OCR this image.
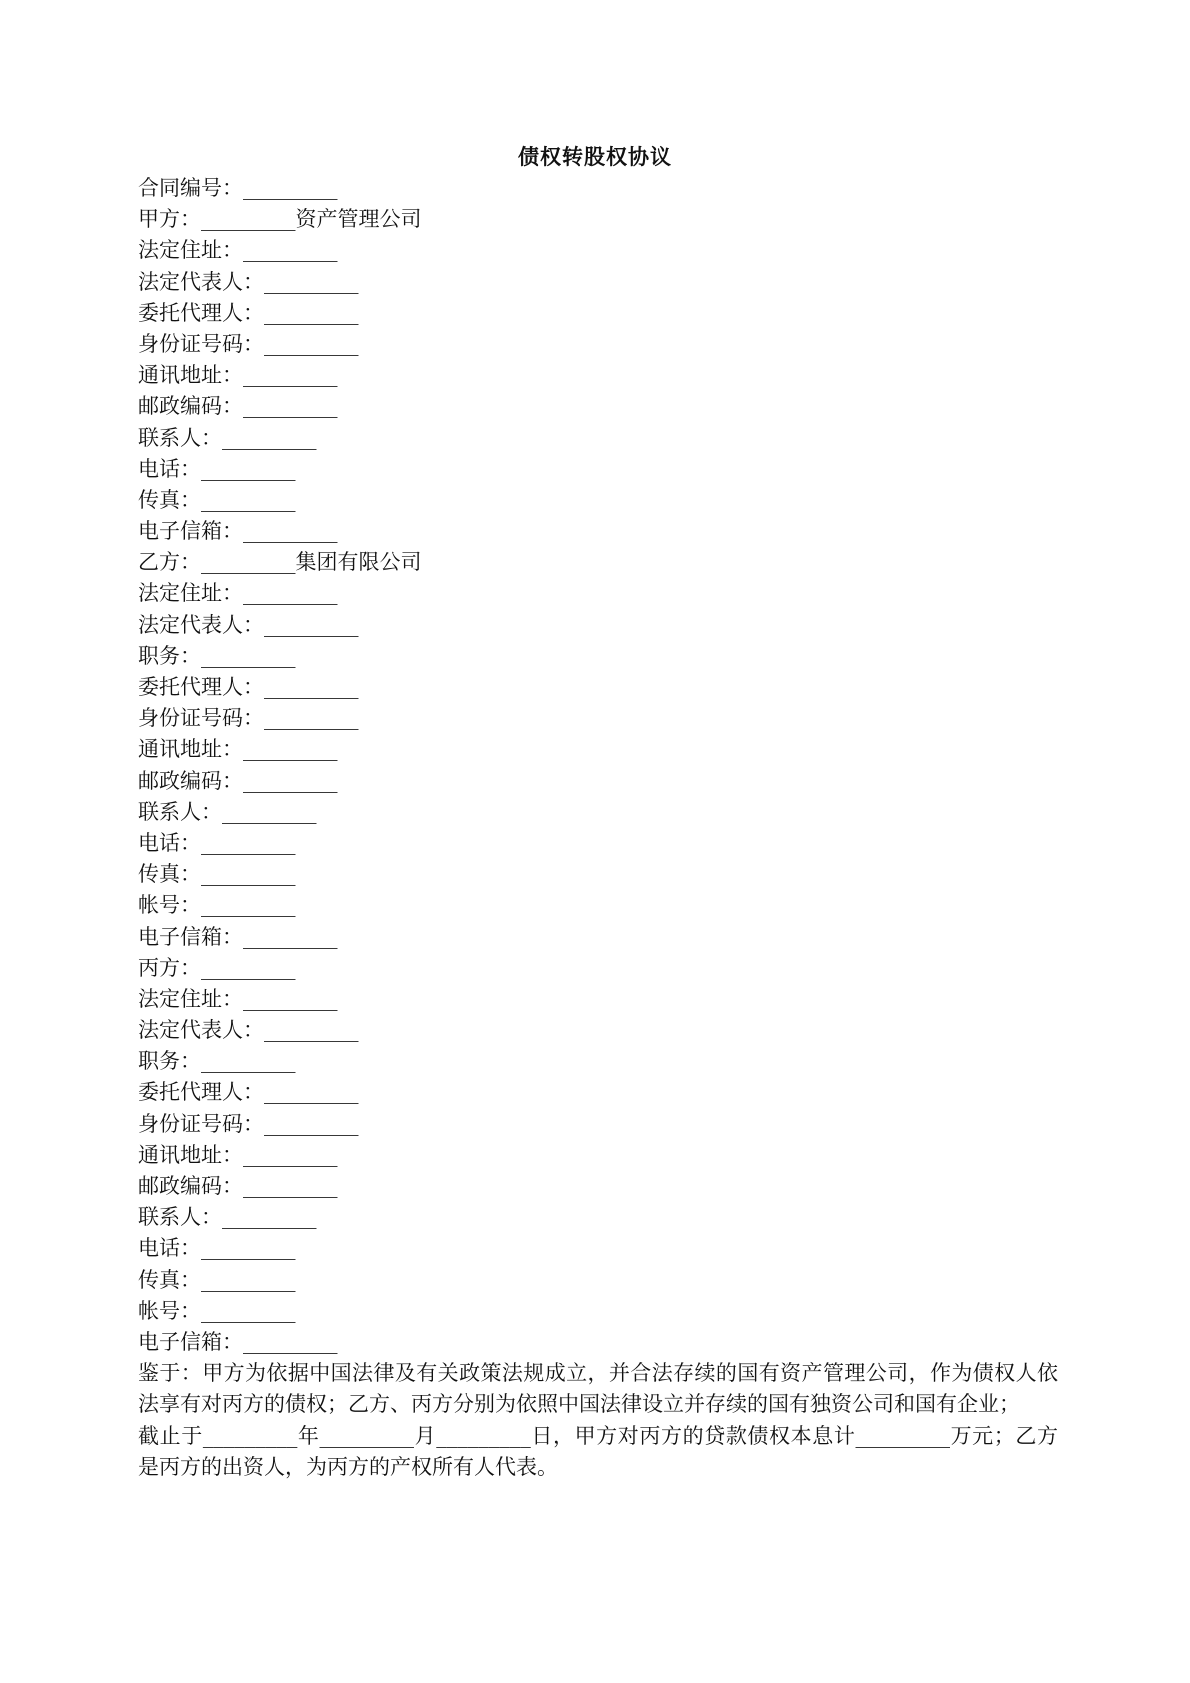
债权转股权协议
合同编号：_________
甲方：_________资产管理公司
法定住址：_________
法定代表人：_________
委托代理人：_________
身份证号码：_________
通讯地址：_________
邮政编码：_________
联系人：_________
电话：_________
传真：_________
电子信箱：_________
乙方：_________集团有限公司
法定住址：_________
法定代表人：_________
职务：_________
委托代理人：_________
身份证号码：_________
通讯地址：_________
邮政编码：_________
联系人：_________
电话：_________
传真：_________
帐号：_________
电子信箱：_________
丙方：_________
法定住址：_________
法定代表人：_________
职务：_________
委托代理人：_________
身份证号码：_________
通讯地址：_________
邮政编码：_________
联系人：_________
电话：_________
传真：_________
帐号：_________
电子信箱：_________
鉴于：甲方为依据中国法律及有关政策法规成立，并合法存续的国有资产管理公司，作为债权人依法享有对丙方的债权；乙方、丙方分别为依照中国法律设立并存续的国有独资公司和国有企业；
截止于_________年_________月_________日，甲方对丙方的贷款债权本息计_________万元；乙方是丙方的出资人，为丙方的产权所有人代表。
